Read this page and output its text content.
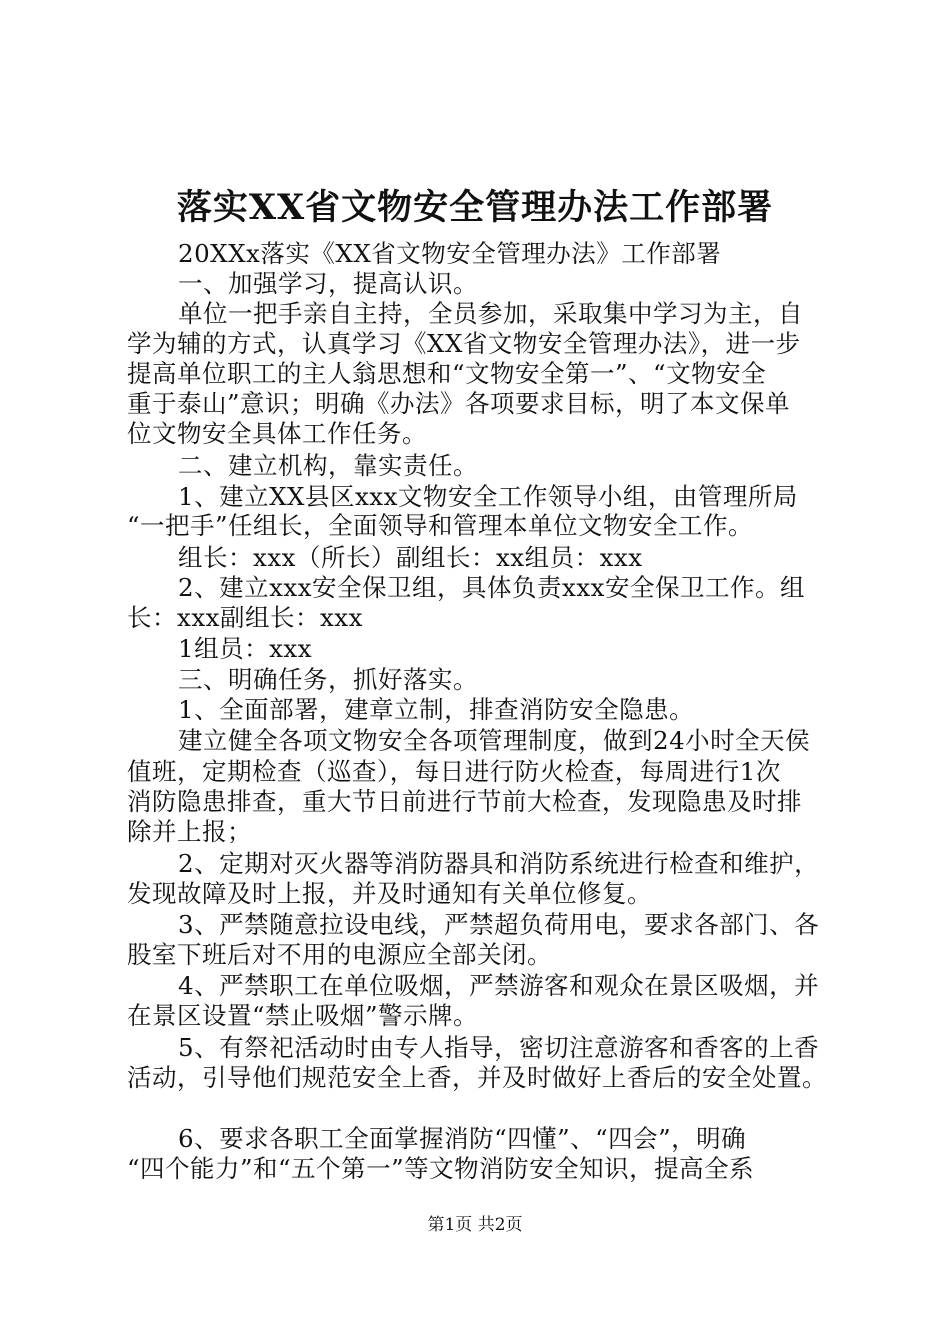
落实XX省文物安全管理办法工作部署
20XXx落实《XX省文物安全管理办法》工作部署
一、加强学习，提高认识。
单位一把手亲自主持，全员参加，采取集中学习为主，自
学为辅的方式，认真学习《XX省文物安全管理办法》，进一步
提高单位职工的主人翁思想和“文物安全第一”、“文物安全
重于泰山”意识；明确《办法》各项要求目标，明了本文保单
位文物安全具体工作任务。
二、建立机构，靠实责任。
1、建立XX县区xxx文物安全工作领导小组，由管理所局
“一把手”任组长，全面领导和管理本单位文物安全工作。
组长：xxx（所长）副组长：xx组员：xxx
2、建立xxx安全保卫组，具体负责xxx安全保卫工作。组
长：xxx副组长：xxx
1组员：xxx
三、明确任务，抓好落实。
1、全面部署，建章立制，排查消防安全隐患。
建立健全各项文物安全各项管理制度，做到24小时全天侯
值班，定期检查（巡查），每日进行防火检查，每周进行1次
消防隐患排查，重大节日前进行节前大检查，发现隐患及时排
除并上报；
2、定期对灭火器等消防器具和消防系统进行检查和维护，
发现故障及时上报，并及时通知有关单位修复。
3、严禁随意拉设电线，严禁超负荷用电，要求各部门、各
股室下班后对不用的电源应全部关闭。
4、严禁职工在单位吸烟，严禁游客和观众在景区吸烟，并
在景区设置“禁止吸烟”警示牌。
5、有祭祀活动时由专人指导，密切注意游客和香客的上香
活动，引导他们规范安全上香，并及时做好上香后的安全处置。
6、要求各职工全面掌握消防“四懂”、“四会”，明确
“四个能力”和“五个第一”等文物消防安全知识，提高全系
第1页 共2页
